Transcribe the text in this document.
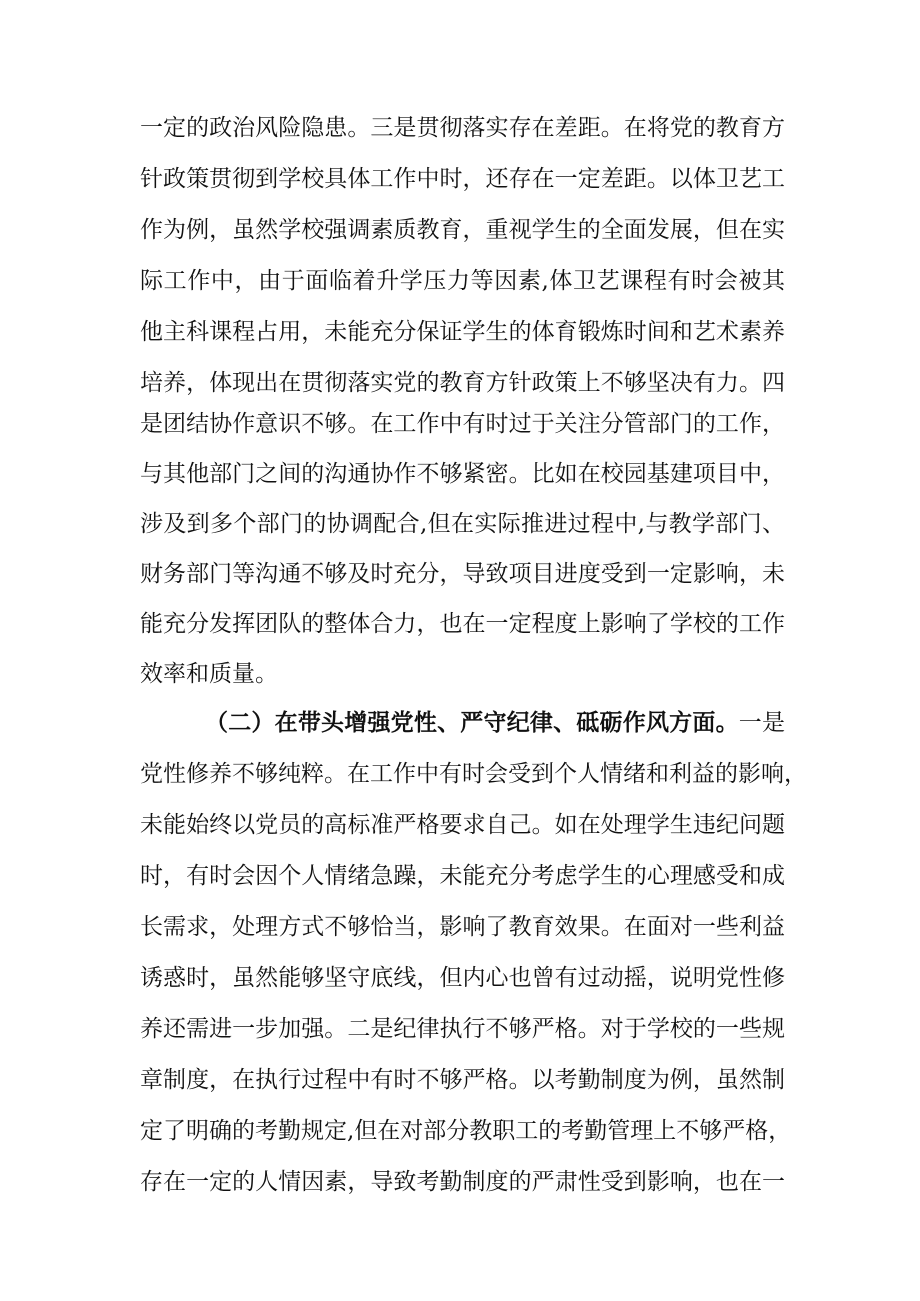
一定的政治风险隐患。三是贯彻落实存在差距。在将党的教育方
针政策贯彻到学校具体工作中时，还存在一定差距。以体卫艺工
作为例，虽然学校强调素质教育，重视学生的全面发展，但在实
际工作中，由于面临着升学压力等因素,体卫艺课程有时会被其
他主科课程占用，未能充分保证学生的体育锻炼时间和艺术素养
培养，体现出在贯彻落实党的教育方针政策上不够坚决有力。四
是团结协作意识不够。在工作中有时过于关注分管部门的工作，
与其他部门之间的沟通协作不够紧密。比如在校园基建项目中，
涉及到多个部门的协调配合,但在实际推进过程中,与教学部门、
财务部门等沟通不够及时充分，导致项目进度受到一定影响，未
能充分发挥团队的整体合力，也在一定程度上影响了学校的工作
效率和质量。
（二）在带头增强党性、严守纪律、砥砺作风方面。一是
党性修养不够纯粹。在工作中有时会受到个人情绪和利益的影响，
未能始终以党员的高标准严格要求自己。如在处理学生违纪问题
时，有时会因个人情绪急躁，未能充分考虑学生的心理感受和成
长需求，处理方式不够恰当，影响了教育效果。在面对一些利益
诱惑时，虽然能够坚守底线，但内心也曾有过动摇，说明党性修
养还需进一步加强。二是纪律执行不够严格。对于学校的一些规
章制度，在执行过程中有时不够严格。以考勤制度为例，虽然制
定了明确的考勤规定,但在对部分教职工的考勤管理上不够严格，
存在一定的人情因素，导致考勤制度的严肃性受到影响，也在一
